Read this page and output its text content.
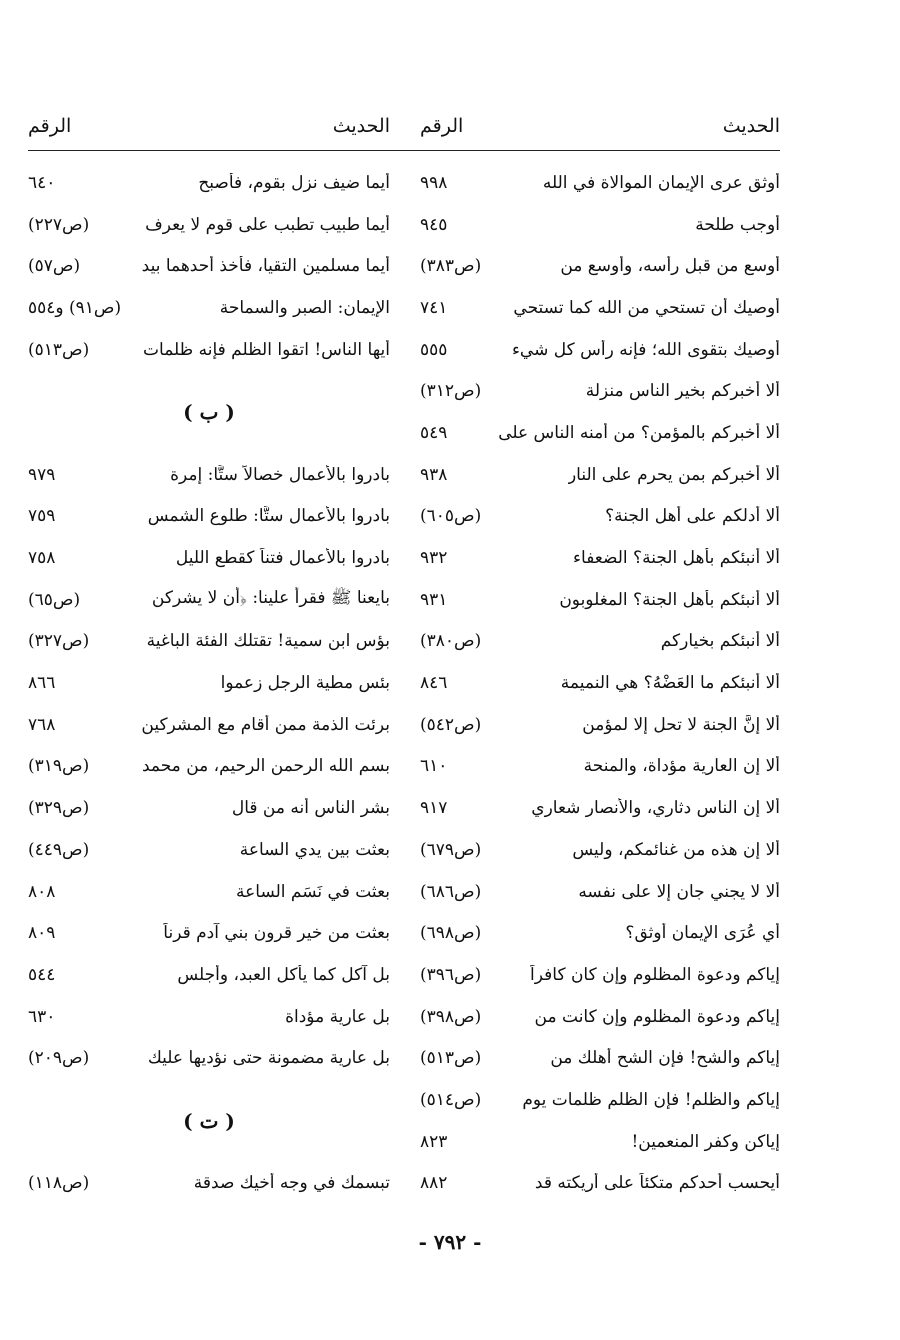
الحديث
الرقم
الحديث
الرقم
أوثق عرى الإيمان الموالاة في الله
٩٩٨
أوجب طلحة
٩٤٥
أوسع من قبل رأسه، وأوسع من
(ص٣٨٣)
أوصيك أن تستحي من الله كما تستحي
٧٤١
أوصيك بتقوى الله؛ فإنه رأس كل شيء
٥٥٥
ألا أخبركم بخير الناس منزلة
(ص٣١٢)
ألا أخبركم بالمؤمن؟ من أمنه الناس على
٥٤٩
ألا أخبركم بمن يحرم على النار
٩٣٨
ألا أدلكم على أهل الجنة؟
(ص٦٠٥)
ألا أنبئكم بأهل الجنة؟ الضعفاء
٩٣٢
ألا أنبئكم بأهل الجنة؟ المغلوبون
٩٣١
ألا أنبئكم بخياركم
(ص٣٨٠)
ألا أنبئكم ما العَضْهُ؟ هي النميمة
٨٤٦
ألا إنَّ الجنة لا تحل إلا لمؤمن
(ص٥٤٢)
ألا إن العارية مؤداة، والمنحة
٦١٠
ألا إن الناس دثاري، والأنصار شعاري
٩١٧
ألا إن هذه من غنائمكم، وليس
(ص٦٧٩)
ألا لا يجني جان إلا على نفسه
(ص٦٨٦)
أي عُرَى الإيمان أوثق؟
(ص٦٩٨)
إياكم ودعوة المظلوم وإن كان كافراً
(ص٣٩٦)
إياكم ودعوة المظلوم وإن كانت من
(ص٣٩٨)
إياكم والشح! فإن الشح أهلك من
(ص٥١٣)
إياكم والظلم! فإن الظلم ظلمات يوم
(ص٥١٤)
إياكن وكفر المنعمين!
٨٢٣
أيحسب أحدكم متكئاً على أريكته قد
٨٨٢
أيما ضيف نزل بقوم، فأصبح
٦٤٠
أيما طبيب تطبب على قوم لا يعرف
(ص٢٢٧)
أيما مسلمين التقيا، فأخذ أحدهما بيد
(ص٥٧)
الإيمان: الصبر والسماحة
(ص٩١) و٥٥٤
أيها الناس! اتقوا الظلم فإنه ظلمات
(ص٥١٣)
( ب )
بادروا بالأعمال خصالاً ستًّا: إمرة
٩٧٩
بادروا بالأعمال ستًّا: طلوع الشمس
٧٥٩
بادروا بالأعمال فتناً كقطع الليل
٧٥٨
بايعنا ﷺ فقرأ علينا: ﴿أن لا يشركن
(ص٦٥)
بؤس ابن سمية! تقتلك الفئة الباغية
(ص٣٢٧)
بئس مطية الرجل زعموا
٨٦٦
برئت الذمة ممن أقام مع المشركين
٧٦٨
بسم الله الرحمن الرحيم، من محمد
(ص٣١٩)
بشر الناس أنه من قال
(ص٣٢٩)
بعثت بين يدي الساعة
(ص٤٤٩)
بعثت في نَسَم الساعة
٨٠٨
بعثت من خير قرون بني آدم قرناً
٨٠٩
بل آكل كما يأكل العبد، وأجلس
٥٤٤
بل عارية مؤداة
٦٣٠
بل عارية مضمونة حتى نؤديها عليك
(ص٢٠٩)
( ت )
تبسمك في وجه أخيك صدقة
(ص١١٨)
- ٧٩٢ -
